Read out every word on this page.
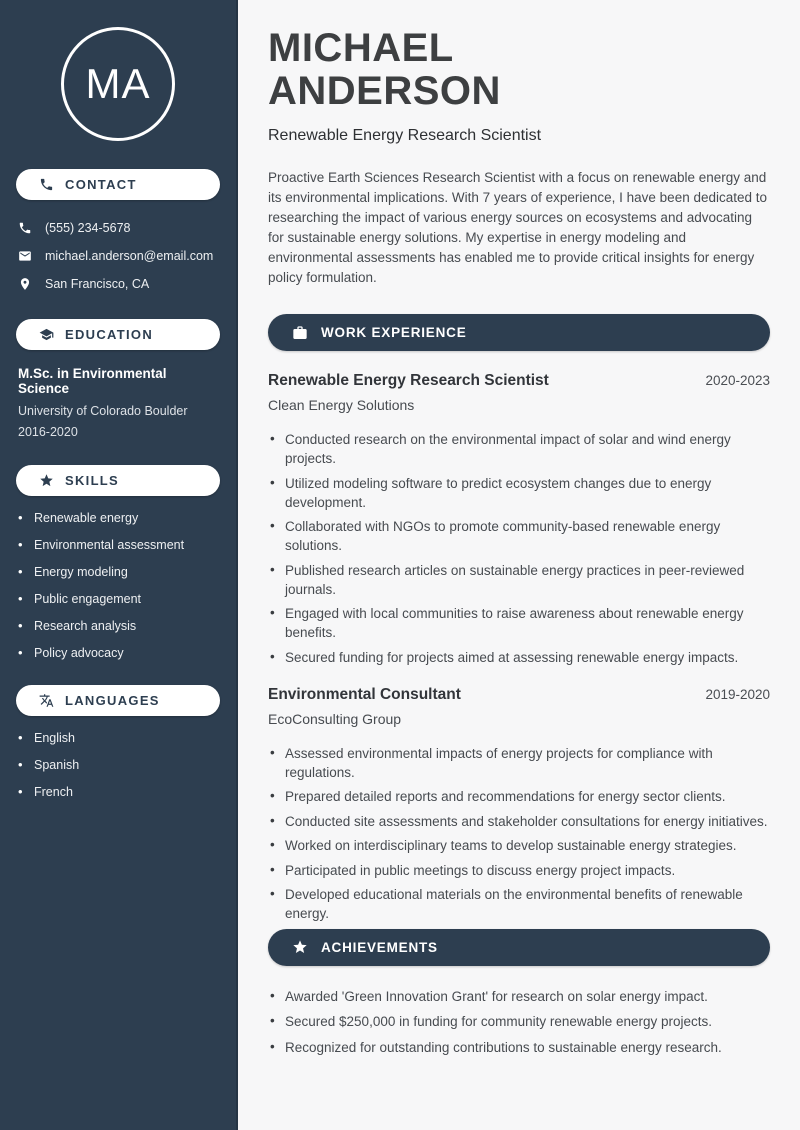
MA
CONTACT
(555) 234-5678
michael.anderson@email.com
San Francisco, CA
EDUCATION
M.Sc. in Environmental Science
University of Colorado Boulder
2016-2020
SKILLS
• Renewable energy
• Environmental assessment
• Energy modeling
• Public engagement
• Research analysis
• Policy advocacy
LANGUAGES
• English
• Spanish
• French
MICHAEL
ANDERSON
Renewable Energy Research Scientist

Proactive Earth Sciences Research Scientist with a focus on renewable energy and its environmental implications. With 7 years of experience, I have been dedicated to researching the impact of various energy sources on ecosystems and advocating for sustainable energy solutions. My expertise in energy modeling and environmental assessments has enabled me to provide critical insights for energy policy formulation.

WORK EXPERIENCE
Renewable Energy Research Scientist	2020-2023
Clean Energy Solutions
• Conducted research on the environmental impact of solar and wind energy projects.
• Utilized modeling software to predict ecosystem changes due to energy development.
• Collaborated with NGOs to promote community-based renewable energy solutions.
• Published research articles on sustainable energy practices in peer-reviewed journals.
• Engaged with local communities to raise awareness about renewable energy benefits.
• Secured funding for projects aimed at assessing renewable energy impacts.
Environmental Consultant	2019-2020
EcoConsulting Group
• Assessed environmental impacts of energy projects for compliance with regulations.
• Prepared detailed reports and recommendations for energy sector clients.
• Conducted site assessments and stakeholder consultations for energy initiatives.
• Worked on interdisciplinary teams to develop sustainable energy strategies.
• Participated in public meetings to discuss energy project impacts.
• Developed educational materials on the environmental benefits of renewable energy.
ACHIEVEMENTS
• Awarded 'Green Innovation Grant' for research on solar energy impact.
• Secured $250,000 in funding for community renewable energy projects.
• Recognized for outstanding contributions to sustainable energy research.
